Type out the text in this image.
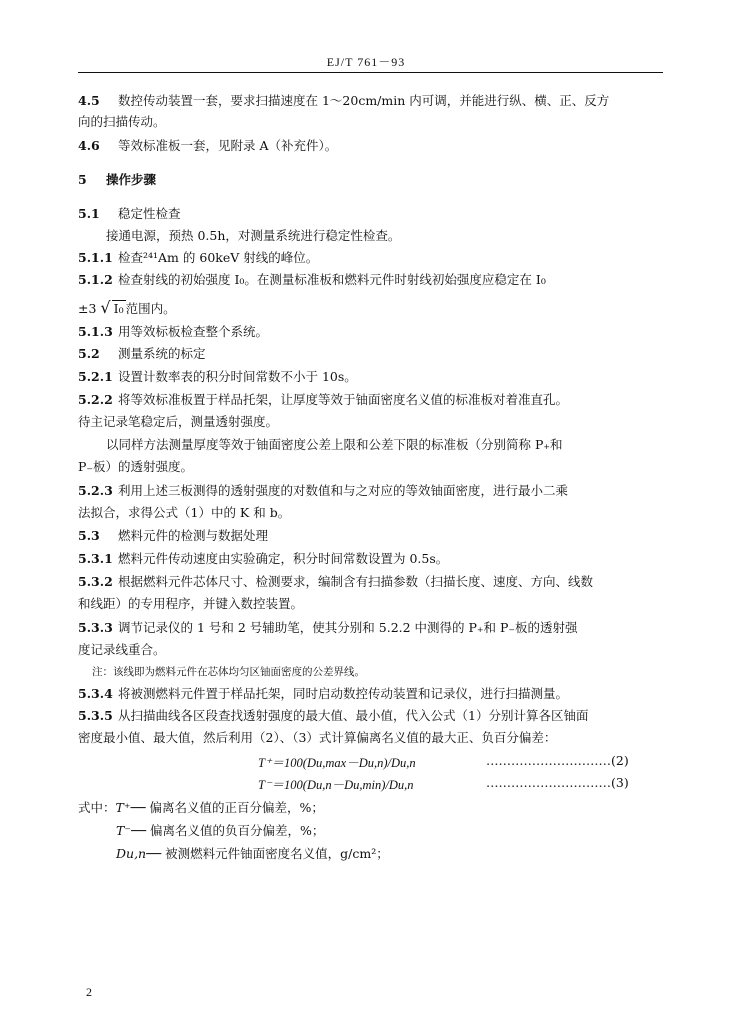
EJ/T 761－93
4.5 数控传动装置一套，要求扫描速度在 1～20cm/min 内可调，并能进行纵、横、正、反方
向的扫描传动。
4.6 等效标准板一套，见附录 A（补充件）。
5 操作步骤
5.1 稳定性检查
接通电源，预热 0.5h，对测量系统进行稳定性检查。
5.1.1 检查²⁴¹Am 的 60keV 射线的峰位。
5.1.2 检查射线的初始强度 I₀。在测量标准板和燃料元件时射线初始强度应稳定在 I₀
±3 √ I₀ 范围内。
5.1.3 用等效标板检查整个系统。
5.2 测量系统的标定
5.2.1 设置计数率表的积分时间常数不小于 10s。
5.2.2 将等效标准板置于样品托架，让厚度等效于铀面密度名义值的标准板对着准直孔。
待主记录笔稳定后，测量透射强度。
以同样方法测量厚度等效于铀面密度公差上限和公差下限的标准板（分别简称 P₊和
P₋板）的透射强度。
5.2.3 利用上述三板测得的透射强度的对数值和与之对应的等效铀面密度，进行最小二乘
法拟合，求得公式（1）中的 K 和 b。
5.3 燃料元件的检测与数据处理
5.3.1 燃料元件传动速度由实验确定，积分时间常数设置为 0.5s。
5.3.2 根据燃料元件芯体尺寸、检测要求，编制含有扫描参数（扫描长度、速度、方向、线数
和线距）的专用程序，并键入数控装置。
5.3.3 调节记录仪的 1 号和 2 号辅助笔，使其分别和 5.2.2 中测得的 P₊和 P₋板的透射强
度记录线重合。
注：该线即为燃料元件在芯体均匀区铀面密度的公差界线。
5.3.4 将被测燃料元件置于样品托架，同时启动数控传动装置和记录仪，进行扫描测量。
5.3.5 从扫描曲线各区段查找透射强度的最大值、最小值，代入公式（1）分别计算各区铀面
密度最小值、最大值，然后利用（2）、（3）式计算偏离名义值的最大正、负百分偏差：
T⁺＝100(Du,max－Du,n)/Du,n	…………………………(2)
T⁻＝100(Du,n－Du,min)/Du,n	…………………………(3)
式中：T⁺── 偏离名义值的正百分偏差，%；
T⁻── 偏离名义值的负百分偏差，%；
Du,n── 被测燃料元件铀面密度名义值，g/cm²；
2
